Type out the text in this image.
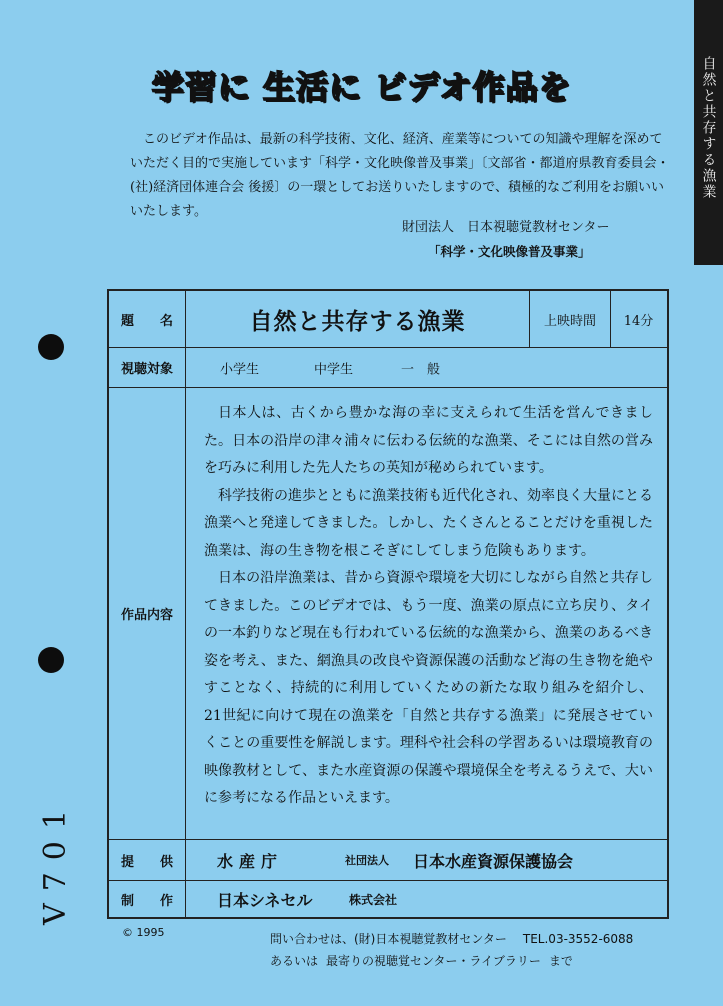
自然と共存する漁業
学習に 生活に ビデオ作品を

このビデオ作品は、最新の科学技術、文化、経済、産業等についての知識や理解を深めていただく目的で実施しています「科学・文化映像普及事業」〔文部省・都道府県教育委員会・(社)経済団体連合会 後援〕の一環としてお送りいたしますので、積極的なご利用をお願いいいたします。

財団法人　日本視聴覚教材センター
「科学・文化映像普及事業」
題名	自然と共存する漁業	上映時間	14分
視聴対象	小学生	中学生	一　般
作品内容

日本人は、古くから豊かな海の幸に支えられて生活を営んできました。日本の沿岸の津々浦々に伝わる伝統的な漁業、そこには自然の営みを巧みに利用した先人たちの英知が秘められています。

科学技術の進歩とともに漁業技術も近代化され、効率良く大量にとる漁業へと発達してきました。しかし、たくさんとることだけを重視した漁業は、海の生き物を根こそぎにしてしまう危険もあります。

日本の沿岸漁業は、昔から資源や環境を大切にしながら自然と共存してきました。このビデオでは、もう一度、漁業の原点に立ち戻り、タイの一本釣りなど現在も行われている伝統的な漁業から、漁業のあるべき姿を考え、また、網漁具の改良や資源保護の活動など海の生き物を絶やすことなく、持続的に利用していくための新たな取り組みを紹介し、21世紀に向けて現在の漁業を「自然と共存する漁業」に発展させていくことの重要性を解説します。理科や社会科の学習あるいは環境教育の映像教材として、また水産資源の保護や環境保全を考えるうえで、大いに参考になる作品といえます。

提供 水産庁	社団法人 日本水産資源保護協会
制作 日本シネセル	株式会社
© 1995	問い合わせは、(財)日本視聴覚教材センター TEL.03-3552-6088
あるいは 最寄りの視聴覚センター・ライブラリー まで
V701
